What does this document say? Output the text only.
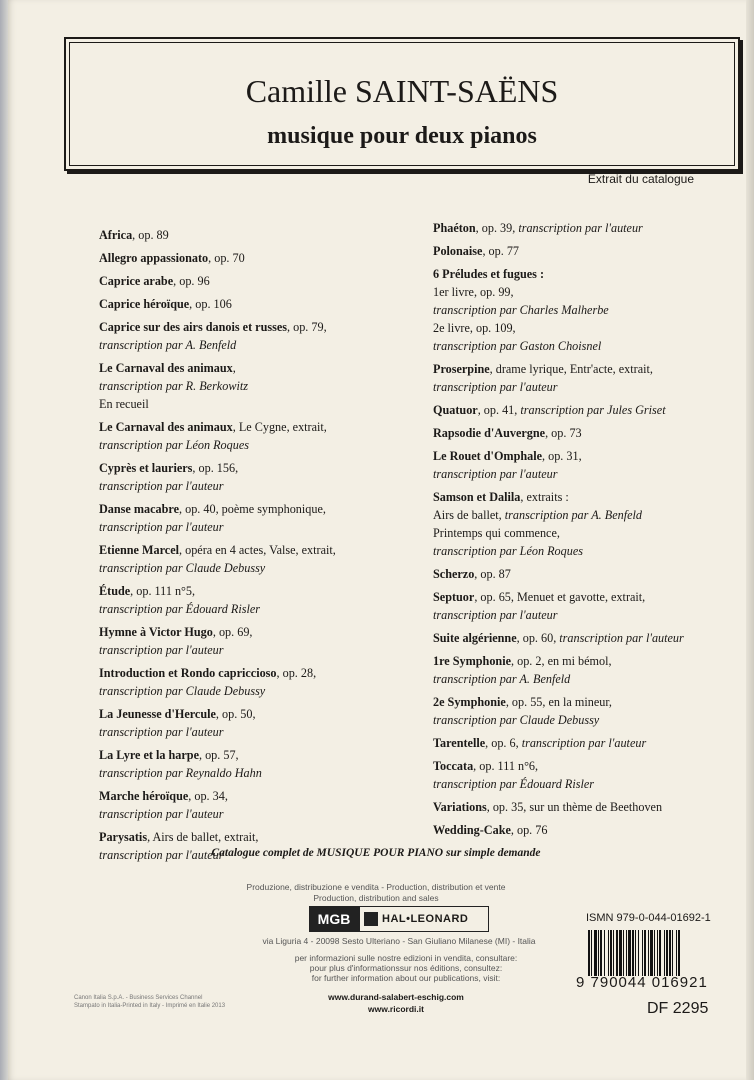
Camille SAINT-SAËNS
musique pour deux pianos
Extrait du catalogue
Africa, op. 89
Allegro appassionato, op. 70
Caprice arabe, op. 96
Caprice héroïque, op. 106
Caprice sur des airs danois et russes, op. 79,
transcription par A. Benfeld
Le Carnaval des animaux,
transcription par R. Berkowitz
En recueil
Le Carnaval des animaux, Le Cygne, extrait,
transcription par Léon Roques
Cyprès et lauriers, op. 156,
transcription par l'auteur
Danse macabre, op. 40, poème symphonique,
transcription par l'auteur
Etienne Marcel, opéra en 4 actes, Valse, extrait,
transcription par Claude Debussy
Étude, op. 111 n°5,
transcription par Édouard Risler
Hymne à Victor Hugo, op. 69,
transcription par l'auteur
Introduction et Rondo capriccioso, op. 28,
transcription par Claude Debussy
La Jeunesse d'Hercule, op. 50,
transcription par l'auteur
La Lyre et la harpe, op. 57,
transcription par Reynaldo Hahn
Marche héroïque, op. 34,
transcription par l'auteur
Parysatis, Airs de ballet, extrait,
transcription par l'auteur
Phaéton, op. 39, transcription par l'auteur
Polonaise, op. 77
6 Préludes et fugues :
1er livre, op. 99,
transcription par Charles Malherbe
2e livre, op. 109,
transcription par Gaston Choisnel
Proserpine, drame lyrique, Entr'acte, extrait,
transcription par l'auteur
Quatuor, op. 41, transcription par Jules Griset
Rapsodie d'Auvergne, op. 73
Le Rouet d'Omphale, op. 31,
transcription par l'auteur
Samson et Dalila, extraits :
Airs de ballet, transcription par A. Benfeld
Printemps qui commence,
transcription par Léon Roques
Scherzo, op. 87
Septuor, op. 65, Menuet et gavotte, extrait,
transcription par l'auteur
Suite algérienne, op. 60, transcription par l'auteur
1re Symphonie, op. 2, en mi bémol,
transcription par A. Benfeld
2e Symphonie, op. 55, en la mineur,
transcription par Claude Debussy
Tarentelle, op. 6, transcription par l'auteur
Toccata, op. 111 n°6,
transcription par Édouard Risler
Variations, op. 35, sur un thème de Beethoven
Wedding-Cake, op. 76
Catalogue complet de MUSIQUE POUR PIANO sur simple demande
Produzione, distribuzione e vendita - Production, distribution et vente
Production, distribution and sales
MGB	HAL•LEONARD
via Liguria 4 - 20098 Sesto Ulteriano - San Giuliano Milanese (MI) - Italia
per informazioni sulle nostre edizioni in vendita, consultare:
pour plus d'informationssur nos éditions, consultez:
for further information about our publications, visit:
www.durand-salabert-eschig.com
www.ricordi.it
Canon Italia S.p.A. - Business Services Channel
Stampato in Italia-Printed in Italy - Imprimé en Italie 2013
ISMN 979-0-044-01692-1
9 790044 016921
DF 2295
